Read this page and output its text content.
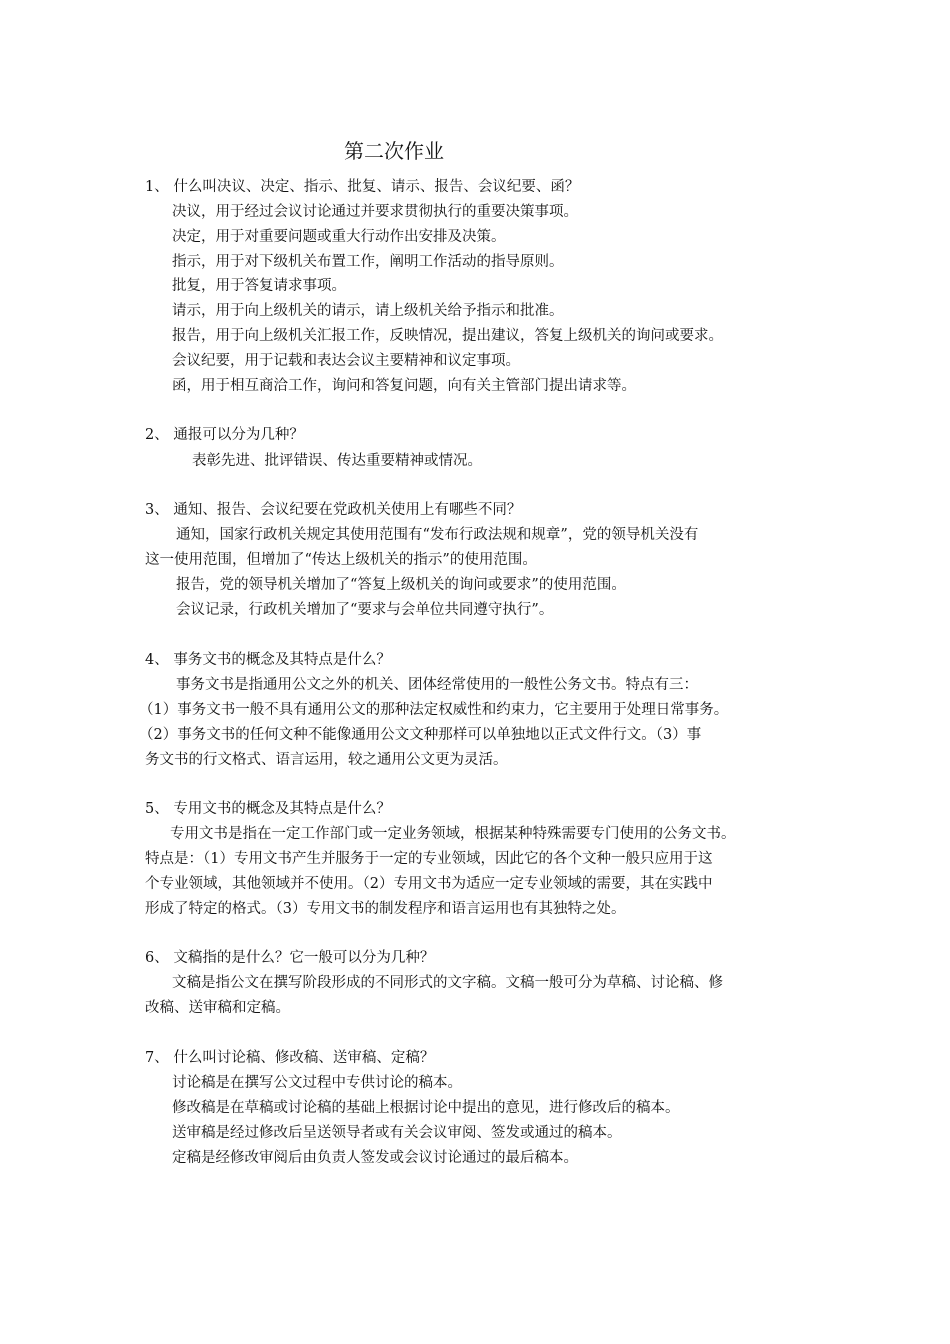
第二次作业
1、 什么叫决议、决定、指示、批复、请示、报告、会议纪要、函？
决议，用于经过会议讨论通过并要求贯彻执行的重要决策事项。
决定，用于对重要问题或重大行动作出安排及决策。
指示，用于对下级机关布置工作，阐明工作活动的指导原则。
批复，用于答复请求事项。
请示，用于向上级机关的请示，请上级机关给予指示和批准。
报告，用于向上级机关汇报工作，反映情况，提出建议，答复上级机关的询问或要求。
会议纪要，用于记载和表达会议主要精神和议定事项。
函，用于相互商洽工作，询问和答复问题，向有关主管部门提出请求等。
2、 通报可以分为几种？
表彰先进、批评错误、传达重要精神或情况。
3、 通知、报告、会议纪要在党政机关使用上有哪些不同？
通知，国家行政机关规定其使用范围有“发布行政法规和规章”，党的领导机关没有
这一使用范围，但增加了“传达上级机关的指示”的使用范围。
报告，党的领导机关增加了“答复上级机关的询问或要求”的使用范围。
会议记录，行政机关增加了“要求与会单位共同遵守执行”。
4、 事务文书的概念及其特点是什么？
事务文书是指通用公文之外的机关、团体经常使用的一般性公务文书。特点有三：
（1）事务文书一般不具有通用公文的那种法定权威性和约束力，它主要用于处理日常事务。
（2）事务文书的任何文种不能像通用公文文种那样可以单独地以正式文件行文。（3）事
务文书的行文格式、语言运用，较之通用公文更为灵活。
5、 专用文书的概念及其特点是什么？
专用文书是指在一定工作部门或一定业务领域，根据某种特殊需要专门使用的公务文书。
特点是：（1）专用文书产生并服务于一定的专业领域，因此它的各个文种一般只应用于这
个专业领域，其他领域并不使用。（2）专用文书为适应一定专业领域的需要，其在实践中
形成了特定的格式。（3）专用文书的制发程序和语言运用也有其独特之处。
6、 文稿指的是什么？它一般可以分为几种？
文稿是指公文在撰写阶段形成的不同形式的文字稿。文稿一般可分为草稿、讨论稿、修
改稿、送审稿和定稿。
7、 什么叫讨论稿、修改稿、送审稿、定稿？
讨论稿是在撰写公文过程中专供讨论的稿本。
修改稿是在草稿或讨论稿的基础上根据讨论中提出的意见，进行修改后的稿本。
送审稿是经过修改后呈送领导者或有关会议审阅、签发或通过的稿本。
定稿是经修改审阅后由负责人签发或会议讨论通过的最后稿本。
